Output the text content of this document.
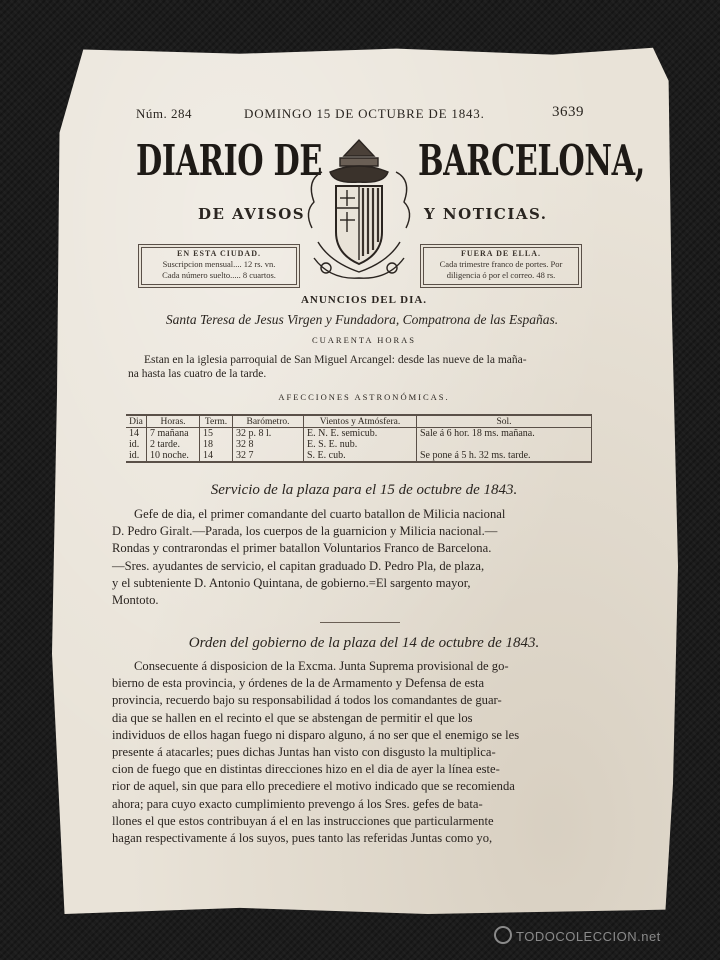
Núm. 284	DOMINGO 15 DE OCTUBRE DE 1843.	3639
DIARIO DE BARCELONA,
DE AVISOS	Y NOTICIAS.
EN ESTA CIUDAD.
Suscripcion mensual.... 12 rs. vn.
Cada número suelto..... 8 cuartos.
FUERA DE ELLA.
Cada trimestre franco de portes. Por
diligencia ó por el correo. 48 rs.
ANUNCIOS DEL DIA.
Santa Teresa de Jesus Virgen y Fundadora, Compatrona de las Españas.
CUARENTA HORAS
Estan en la iglesia parroquial de San Miguel Arcangel: desde las nueve de la maña-
na hasta las cuatro de la tarde.
AFECCIONES ASTRONÓMICAS.
Dia	Horas.	Term.	Barómetro.	Vientos y Atmósfera.	Sol.
14	7 mañana	15	32 p. 8 l.	E. N. E. semicub.	Sale á 6 hor. 18 ms. mañana.
id.	2 tarde.	18	32 8	E. S. E. nub.	
id.	10 noche.	14	32 7	S. E. cub.	Se pone á 5 h. 32 ms. tarde.
Servicio de la plaza para el 15 de octubre de 1843.
Gefe de dia, el primer comandante del cuarto batallon de Milicia nacional
D. Pedro Giralt.—Parada, los cuerpos de la guarnicion y Milicia nacional.—
Rondas y contrarondas el primer batallon Voluntarios Franco de Barcelona.
—Sres. ayudantes de servicio, el capitan graduado D. Pedro Pla, de plaza,
y el subteniente D. Antonio Quintana, de gobierno.=El sargento mayor,
Montoto.
Orden del gobierno de la plaza del 14 de octubre de 1843.
Consecuente á disposicion de la Excma. Junta Suprema provisional de go-
bierno de esta provincia, y órdenes de la de Armamento y Defensa de esta
provincia, recuerdo bajo su responsabilidad á todos los comandantes de guar-
dia que se hallen en el recinto el que se abstengan de permitir el que los
individuos de ellos hagan fuego ni disparo alguno, á no ser que el enemigo se les
presente á atacarles; pues dichas Juntas han visto con disgusto la multiplica-
cion de fuego que en distintas direcciones hizo en el dia de ayer la línea este-
rior de aquel, sin que para ello precediere el motivo indicado que se recomienda
ahora; para cuyo exacto cumplimiento prevengo á los Sres. gefes de bata-
llones el que estos contribuyan á el en las instrucciones que particularmente
hagan respectivamente á los suyos, pues tanto las referidas Juntas como yo,
TODOCOLECCION.net
